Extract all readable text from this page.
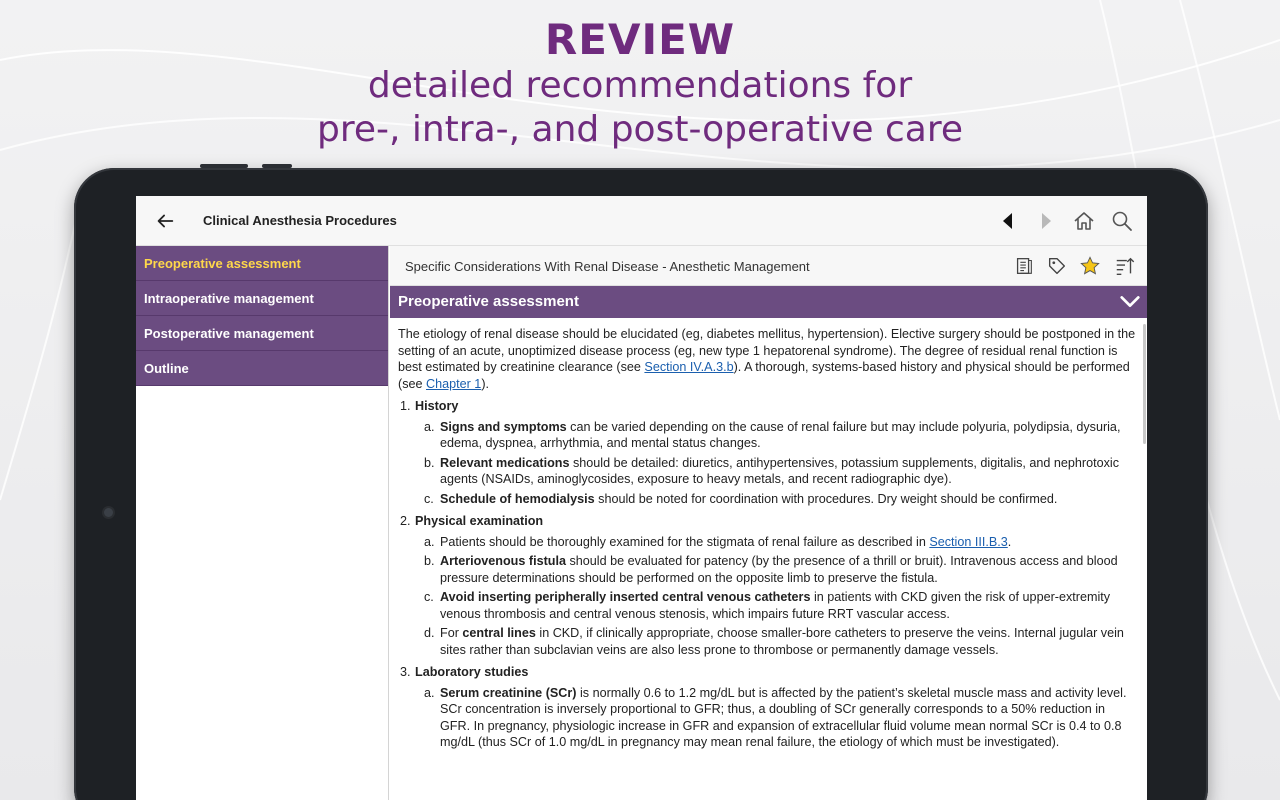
REVIEW
detailed recommendations for
pre-, intra-, and post-operative care
Clinical Anesthesia Procedures
Preoperative assessment
Intraoperative management
Postoperative management
Outline
Specific Considerations With Renal Disease - Anesthetic Management
Preoperative assessment

The etiology of renal disease should be elucidated (eg, diabetes mellitus, hypertension). Elective surgery should be postponed in the setting of an acute, unoptimized disease process (eg, new type 1 hepatorenal syndrome). The degree of residual renal function is best estimated by creatinine clearance (see Section IV.A.3.b). A thorough, systems-based history and physical should be performed (see Chapter 1).

1. History
a. Signs and symptoms can be varied depending on the cause of renal failure but may include polyuria, polydipsia, dysuria, edema, dyspnea, arrhythmia, and mental status changes.
b. Relevant medications should be detailed: diuretics, antihypertensives, potassium supplements, digitalis, and nephrotoxic agents (NSAIDs, aminoglycosides, exposure to heavy metals, and recent radiographic dye).
c. Schedule of hemodialysis should be noted for coordination with procedures. Dry weight should be confirmed.
2. Physical examination
a. Patients should be thoroughly examined for the stigmata of renal failure as described in Section III.B.3.
b. Arteriovenous fistula should be evaluated for patency (by the presence of a thrill or bruit). Intravenous access and blood pressure determinations should be performed on the opposite limb to preserve the fistula.
c. Avoid inserting peripherally inserted central venous catheters in patients with CKD given the risk of upper-extremity venous thrombosis and central venous stenosis, which impairs future RRT vascular access.
d. For central lines in CKD, if clinically appropriate, choose smaller-bore catheters to preserve the veins. Internal jugular vein sites rather than subclavian veins are also less prone to thrombose or permanently damage vessels.
3. Laboratory studies
a. Serum creatinine (SCr) is normally 0.6 to 1.2 mg/dL but is affected by the patient’s skeletal muscle mass and activity level. SCr concentration is inversely proportional to GFR; thus, a doubling of SCr generally corresponds to a 50% reduction in GFR. In pregnancy, physiologic increase in GFR and expansion of extracellular fluid volume mean normal SCr is 0.4 to 0.8 mg/dL (thus SCr of 1.0 mg/dL in pregnancy may mean renal failure, the etiology of which must be investigated).
